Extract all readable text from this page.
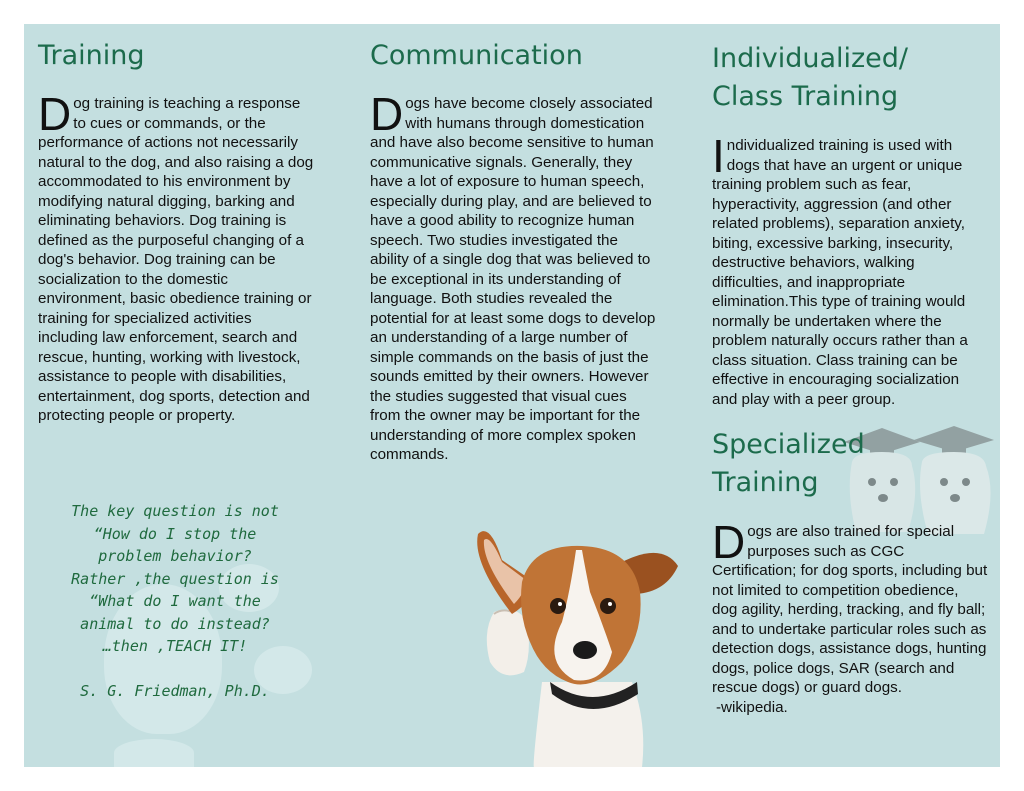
Training

Dog training is teaching a response to cues or commands, or the performance of actions not necessarily natural to the dog, and also raising a dog accommodated to his environment by modifying natural digging, barking and eliminating behaviors. Dog training is defined as the purposeful changing of a dog's behavior. Dog training can be socialization to the domestic environment, basic obedience training or training for specialized activities including law enforcement, search and rescue, hunting, working with livestock, assistance to people with disabilities, entertainment, dog sports, detection and protecting people or property.

The key question is not
“How do I stop the
problem behavior?
Rather ,the question is
“What do I want the
animal to do instead?
…then ,TEACH IT!
S. G. Friedman, Ph.D.
Communication

Dogs have become closely associated with humans through domestication and have also become sensitive to human communicative signals. Generally, they have a lot of exposure to human speech, especially during play, and are believed to have a good ability to recognize human speech. Two studies investigated the ability of a single dog that was believed to be exceptional in its understanding of language. Both studies revealed the potential for at least some dogs to develop an understanding of a large number of simple commands on the basis of just the sounds emitted by their owners. However the studies suggested that visual cues from the owner may be important for the understanding of more complex spoken commands.

Individualized/
Class Training

Individualized training is used with dogs that have an urgent or unique training problem such as fear, hyperactivity, aggression (and other related problems), separation anxiety, biting, excessive barking, insecurity, destructive behaviors, walking difficulties, and inappropriate elimination.This type of training would normally be undertaken where the problem naturally occurs rather than a class situation. Class training can be effective in encouraging socialization and play with a peer group.

Specialized
Training

Dogs are also trained for special purposes such as CGC Certification; for dog sports, including but not limited to competition obedience, dog agility, herding, tracking, and fly ball; and to undertake particular roles such as detection dogs, assistance dogs, hunting dogs, police dogs, SAR (search and rescue dogs) or guard dogs.

-wikipedia.
